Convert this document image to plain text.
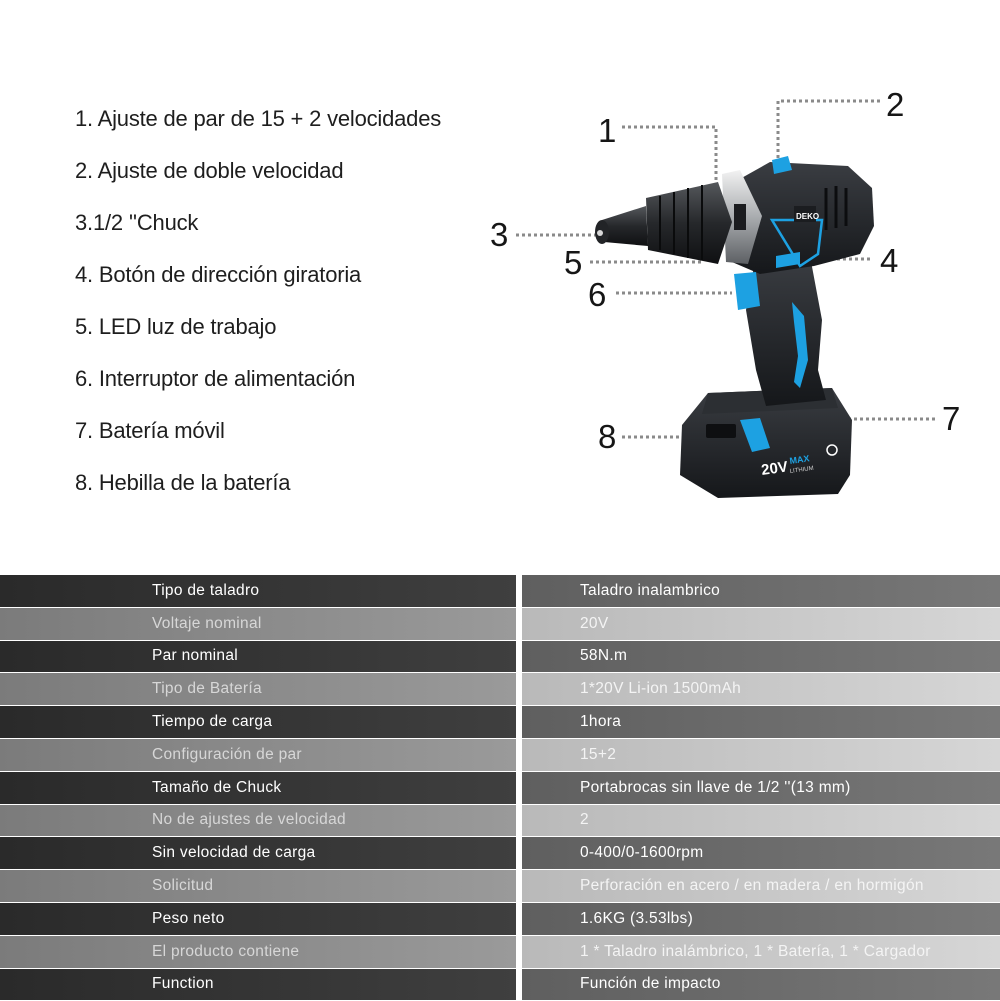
1. Ajuste de par de 15 + 2 velocidades
2. Ajuste de doble velocidad
3.1/2 ''Chuck
4. Botón de dirección giratoria
5. LED luz de trabajo
6. Interruptor de alimentación
7. Batería móvil
8. Hebilla de la batería
20V MAX
LITHIUM
DEKO
1
2
3
4
5
6
7
8
Tipo de taladro	Taladro inalambrico
Voltaje nominal	20V
Par nominal	58N.m
Tipo de Batería	1*20V Li-ion 1500mAh
Tiempo de carga	1hora
Configuración de par	15+2
Tamaño de Chuck	Portabrocas sin llave de 1/2 ''(13 mm)
No de ajustes de velocidad	2
Sin velocidad de carga	0-400/0-1600rpm
Solicitud	Perforación en acero / en madera / en hormigón
Peso neto	1.6KG (3.53lbs)
El producto contiene	1 * Taladro inalámbrico, 1 * Batería, 1 * Cargador
Function	Función de impacto
